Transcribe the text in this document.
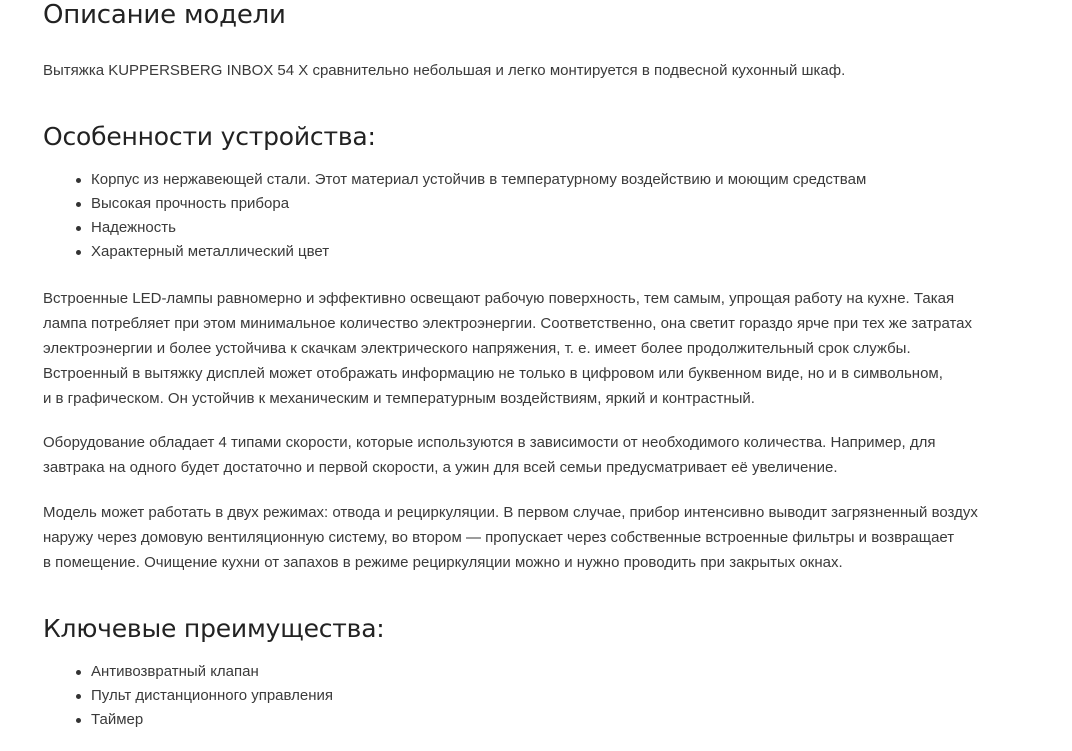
Описание модели

Вытяжка KUPPERSBERG INBOX 54 X сравнительно небольшая и легко монтируется в подвесной кухонный шкаф.

Особенности устройства:
Корпус из нержавеющей стали. Этот материал устойчив в температурному воздействию и моющим средствам
Высокая прочность прибора
Надежность
Характерный металлический цвет

Встроенные LED-лампы равномерно и эффективно освещают рабочую поверхность, тем самым, упрощая работу на кухне. Такая
лампа потребляет при этом минимальное количество электроэнергии. Соответственно, она светит гораздо ярче при тех же затратах
электроэнергии и более устойчива к скачкам электрического напряжения, т. е. имеет более продолжительный срок службы.
Встроенный в вытяжку дисплей может отображать информацию не только в цифровом или буквенном виде, но и в символьном,
и в графическом. Он устойчив к механическим и температурным воздействиям, яркий и контрастный.

Оборудование обладает 4 типами скорости, которые используются в зависимости от необходимого количества. Например, для
завтрака на одного будет достаточно и первой скорости, а ужин для всей семьи предусматривает её увеличение.

Модель может работать в двух режимах: отвода и рециркуляции. В первом случае, прибор интенсивно выводит загрязненный воздух
наружу через домовую вентиляционную систему, во втором — пропускает через собственные встроенные фильтры и возвращает
в помещение. Очищение кухни от запахов в режиме рециркуляции можно и нужно проводить при закрытых окнах.

Ключевые преимущества:
Антивозвратный клапан
Пульт дистанционного управления
Таймер
